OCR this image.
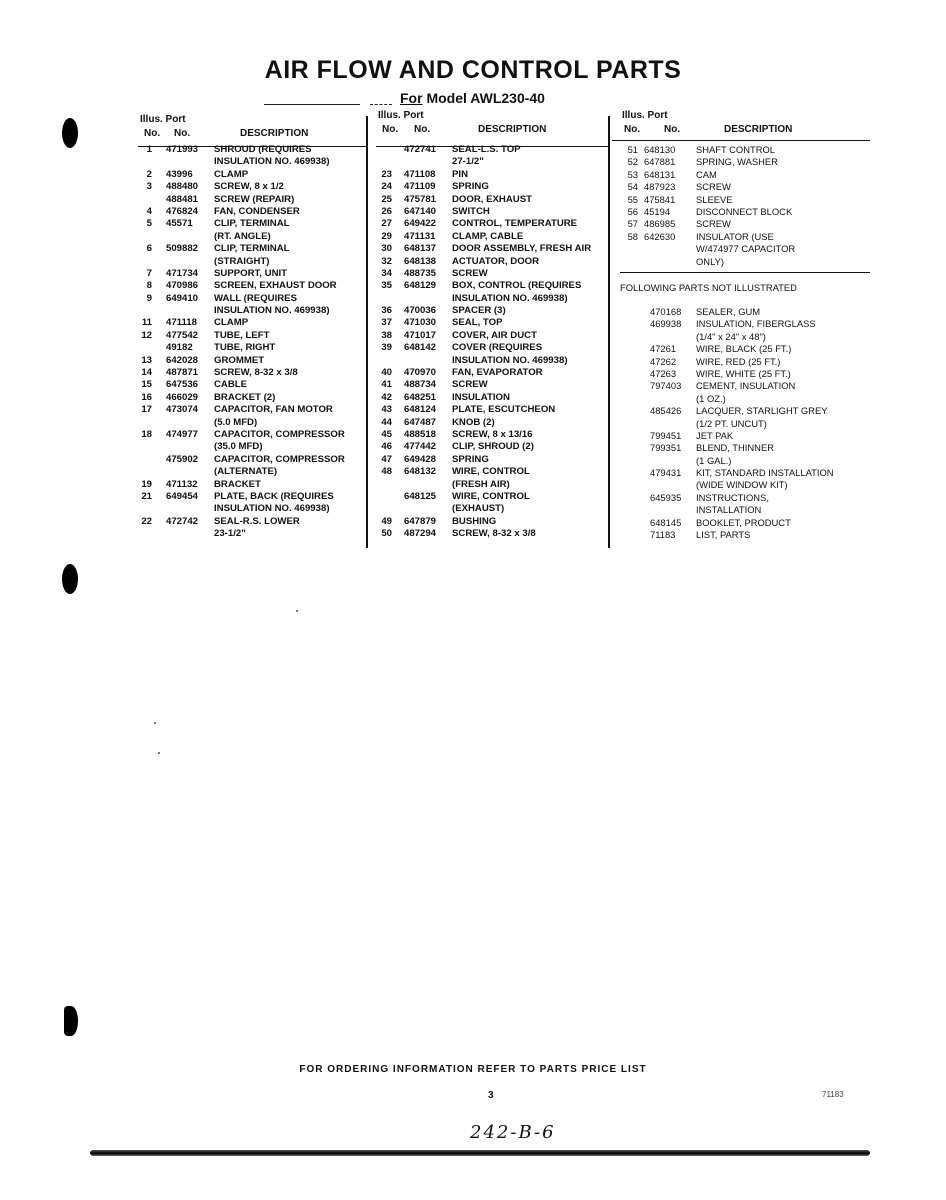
AIR FLOW AND CONTROL PARTS
For Model AWL230-40
Illus. Port
No. No.	DESCRIPTION
1 471993 SHROUD (REQUIRES
INSULATION NO. 469938)
2 43996 CLAMP
3 488480 SCREW, 8 x 1/2
488481 SCREW (REPAIR)
4 476824 FAN, CONDENSER
5 45571 CLIP, TERMINAL
(RT. ANGLE)
6 509882 CLIP, TERMINAL
(STRAIGHT)
7 471734 SUPPORT, UNIT
8 470986 SCREEN, EXHAUST DOOR
9 649410 WALL (REQUIRES
INSULATION NO. 469938)
11 471118 CLAMP
12 477542 TUBE, LEFT
49182 TUBE, RIGHT
13 642028 GROMMET
14 487871 SCREW, 8-32 x 3/8
15 647536 CABLE
16 466029 BRACKET (2)
17 473074 CAPACITOR, FAN MOTOR
(5.0 MFD)
18 474977 CAPACITOR, COMPRESSOR
(35.0 MFD)
475902 CAPACITOR, COMPRESSOR
(ALTERNATE)
19 471132 BRACKET
21 649454 PLATE, BACK (REQUIRES
INSULATION NO. 469938)
22 472742 SEAL-R.S. LOWER
23-1/2"
Illus. Port
No. No.	DESCRIPTION
472741 SEAL-L.S. TOP
27-1/2"
23 471108 PIN
24 471109 SPRING
25 475781 DOOR, EXHAUST
26 647140 SWITCH
27 649422 CONTROL, TEMPERATURE
29 471131 CLAMP, CABLE
30 648137 DOOR ASSEMBLY, FRESH AIR
32 648138 ACTUATOR, DOOR
34 488735 SCREW
35 648129 BOX, CONTROL (REQUIRES
INSULATION NO. 469938)
36 470036 SPACER (3)
37 471030 SEAL, TOP
38 471017 COVER, AIR DUCT
39 648142 COVER (REQUIRES
INSULATION NO. 469938)
40 470970 FAN, EVAPORATOR
41 488734 SCREW
42 648251 INSULATION
43 648124 PLATE, ESCUTCHEON
44 647487 KNOB (2)
45 488518 SCREW, 8 x 13/16
46 477442 CLIP, SHROUD (2)
47 649428 SPRING
48 648132 WIRE, CONTROL
(FRESH AIR)
648125 WIRE, CONTROL
(EXHAUST)
49 647879 BUSHING
50 487294 SCREW, 8-32 x 3/8
Illus. Port
No. No.	DESCRIPTION
51 648130 SHAFT CONTROL
52 647881 SPRING, WASHER
53 648131 CAM
54 487923 SCREW
55 475841 SLEEVE
56 45194	DISCONNECT BLOCK
57 486985 SCREW
58 642630 INSULATOR (USE
W/474977 CAPACITOR
ONLY)
FOLLOWING PARTS NOT ILLUSTRATED
470168 SEALER, GUM
469938 INSULATION, FIBERGLASS
(1/4" x 24" x 48")
47261 WIRE, BLACK (25 FT.)
47262 WIRE, RED (25 FT.)
47263 WIRE, WHITE (25 FT.)
797403 CEMENT, INSULATION
(1 OZ.)
485426 LACQUER, STARLIGHT GREY
(1/2 PT. UNCUT)
799451 JET PAK
799351 BLEND, THINNER
(1 GAL.)
479431 KIT, STANDARD INSTALLATION
(WIDE WINDOW KIT)
645935 INSTRUCTIONS,
INSTALLATION
648145 BOOKLET, PRODUCT
71183 LIST, PARTS
FOR ORDERING INFORMATION REFER TO PARTS PRICE LIST
3	71183
242-B-6
